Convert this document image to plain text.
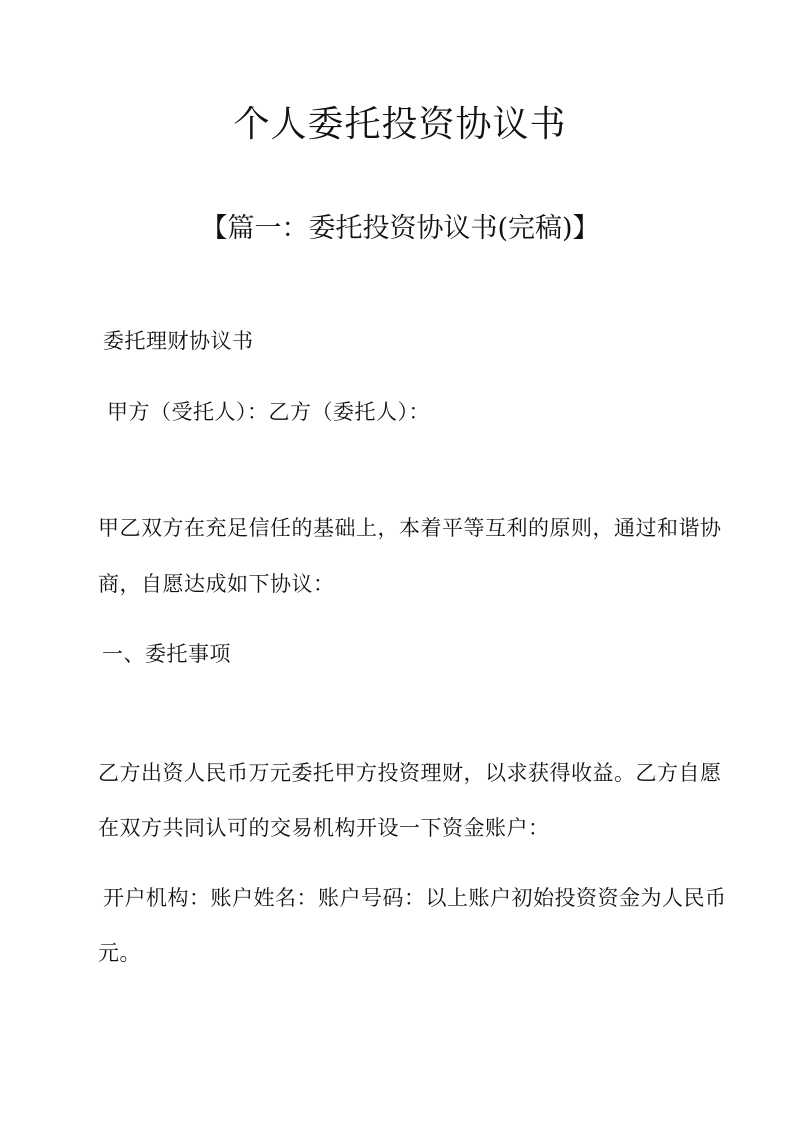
个人委托投资协议书
【篇一：委托投资协议书(完稿)】

委托理财协议书

甲方（受托人）：乙方（委托人）：

甲乙双方在充足信任的基础上，本着平等互利的原则，通过和谐协

商，自愿达成如下协议：

一、委托事项

乙方出资人民币万元委托甲方投资理财，以求获得收益。乙方自愿

在双方共同认可的交易机构开设一下资金账户：

开户机构：账户姓名：账户号码：以上账户初始投资资金为人民币

元。
